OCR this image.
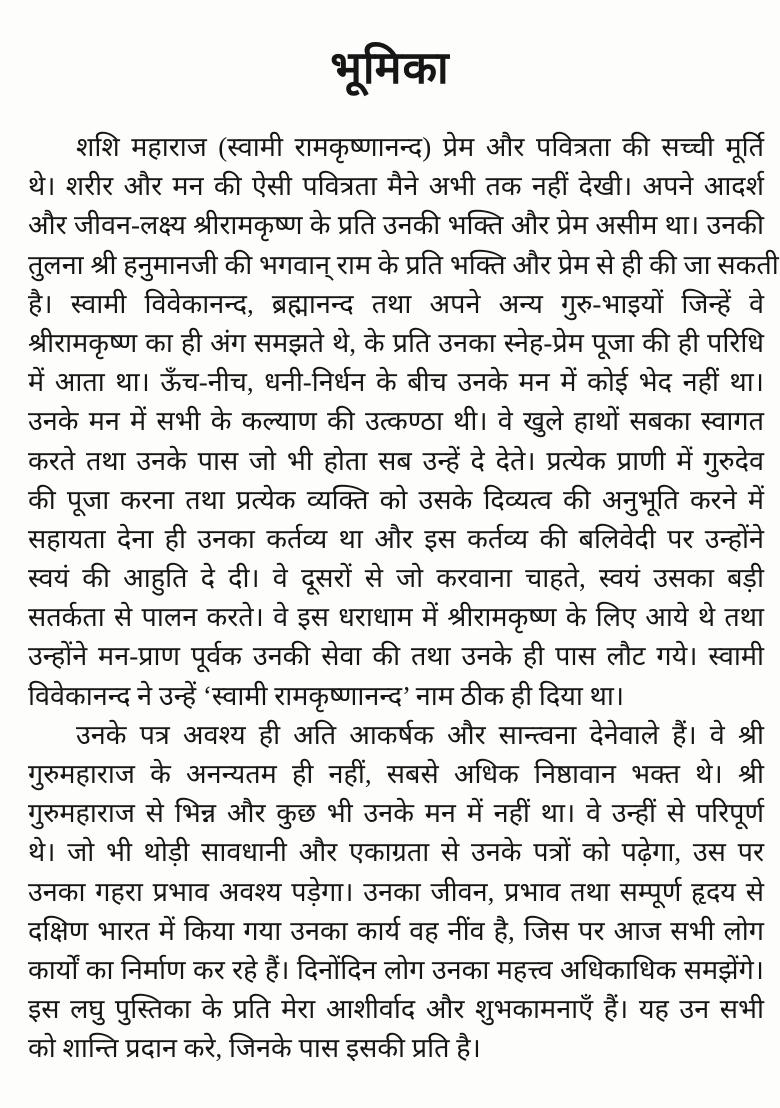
भूमिका
शशि महाराज (स्वामी रामकृष्णानन्द) प्रेम और पवित्रता की सच्ची मूर्ति
थे। शरीर और मन की ऐसी पवित्रता मैने अभी तक नहीं देखी। अपने आदर्श
और जीवन-लक्ष्य श्रीरामकृष्ण के प्रति उनकी भक्ति और प्रेम असीम था। उनकी
तुलना श्री हनुमानजी की भगवान् राम के प्रति भक्ति और प्रेम से ही की जा सकती
है। स्वामी विवेकानन्द, ब्रह्मानन्द तथा अपने अन्य गुरु-भाइयों जिन्हें वे
श्रीरामकृष्ण का ही अंग समझते थे, के प्रति उनका स्नेह-प्रेम पूजा की ही परिधि
में आता था। ऊँच-नीच, धनी-निर्धन के बीच उनके मन में कोई भेद नहीं था।
उनके मन में सभी के कल्याण की उत्कण्ठा थी। वे खुले हाथों सबका स्वागत
करते तथा उनके पास जो भी होता सब उन्हें दे देते। प्रत्येक प्राणी में गुरुदेव
की पूजा करना तथा प्रत्येक व्यक्ति को उसके दिव्यत्व की अनुभूति करने में
सहायता देना ही उनका कर्तव्य था और इस कर्तव्य की बलिवेदी पर उन्होंने
स्वयं की आहुति दे दी। वे दूसरों से जो करवाना चाहते, स्वयं उसका बड़ी
सतर्कता से पालन करते। वे इस धराधाम में श्रीरामकृष्ण के लिए आये थे तथा
उन्होंने मन-प्राण पूर्वक उनकी सेवा की तथा उनके ही पास लौट गये। स्वामी
विवेकानन्द ने उन्हें ‘स्वामी रामकृष्णानन्द’ नाम ठीक ही दिया था।
उनके पत्र अवश्य ही अति आकर्षक और सान्त्वना देनेवाले हैं। वे श्री
गुरुमहाराज के अनन्यतम ही नहीं, सबसे अधिक निष्ठावान भक्त थे। श्री
गुरुमहाराज से भिन्न और कुछ भी उनके मन में नहीं था। वे उन्हीं से परिपूर्ण
थे। जो भी थोड़ी सावधानी और एकाग्रता से उनके पत्रों को पढ़ेगा, उस पर
उनका गहरा प्रभाव अवश्य पड़ेगा। उनका जीवन, प्रभाव तथा सम्पूर्ण हृदय से
दक्षिण भारत में किया गया उनका कार्य वह नींव है, जिस पर आज सभी लोग
कार्यों का निर्माण कर रहे हैं। दिनोंदिन लोग उनका महत्त्व अधिकाधिक समझेंगे।
इस लघु पुस्तिका के प्रति मेरा आशीर्वाद और शुभकामनाएँ हैं। यह उन सभी
को शान्ति प्रदान करे, जिनके पास इसकी प्रति है।
